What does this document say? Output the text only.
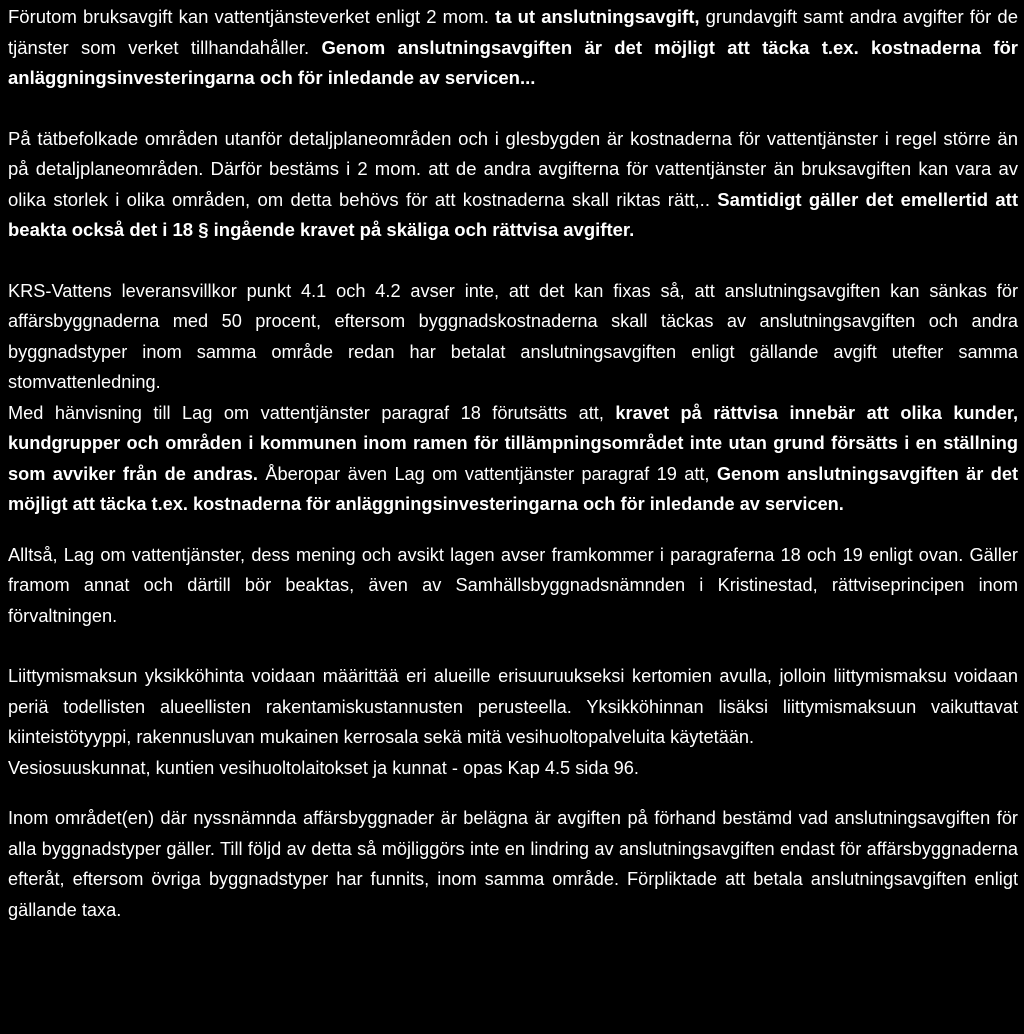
Förutom bruksavgift kan vattentjänsteverket enligt 2 mom. ta ut anslutningsavgift, grundavgift samt andra avgifter för de tjänster som verket tillhandahåller. Genom anslutningsavgiften är det möjligt att täcka t.ex. kostnaderna för anläggningsinvesteringarna och för inledande av servicen...

På tätbefolkade områden utanför detaljplaneområden och i glesbygden är kostnaderna för vattentjänster i regel större än på detaljplaneområden. Därför bestäms i 2 mom. att de andra avgifterna för vattentjänster än bruksavgiften kan vara av olika storlek i olika områden, om detta behövs för att kostnaderna skall riktas rätt,.. Samtidigt gäller det emellertid att beakta också det i 18 § ingående kravet på skäliga och rättvisa avgifter.

KRS-Vattens leveransvillkor punkt 4.1 och 4.2 avser inte, att det kan fixas så, att anslutningsavgiften kan sänkas för affärsbyggnaderna med 50 procent, eftersom byggnadskostnaderna skall täckas av anslutningsavgiften och andra byggnadstyper inom samma område redan har betalat anslutningsavgiften enligt gällande avgift utefter samma stomvattenledning.

Med hänvisning till Lag om vattentjänster paragraf 18 förutsätts att, kravet på rättvisa innebär att olika kunder, kundgrupper och områden i kommunen inom ramen för tillämpningsområdet inte utan grund försätts i en ställning som avviker från de andras. Åberopar även Lag om vattentjänster paragraf 19 att, Genom anslutningsavgiften är det möjligt att täcka t.ex. kostnaderna för anläggningsinvesteringarna och för inledande av servicen.

Alltså, Lag om vattentjänster, dess mening och avsikt lagen avser framkommer i paragraferna 18 och 19 enligt ovan. Gäller framom annat och därtill bör beaktas, även av Samhällsbyggnadsnämnden i Kristinestad, rättviseprincipen inom förvaltningen.

Liittymismaksun yksikköhinta voidaan määrittää eri alueille erisuuruukseksi kertomien avulla, jolloin liittymismaksu voidaan periä todellisten alueellisten rakentamiskustannusten perusteella. Yksikköhinnan lisäksi liittymismaksuun vaikuttavat kiinteistötyyppi, rakennusluvan mukainen kerrosala sekä mitä vesihuoltopalveluita käytetään.

Vesiosuuskunnat, kuntien vesihuoltolaitokset ja kunnat - opas Kap 4.5 sida 96.

Inom området(en) där nyssnämnda affärsbyggnader är belägna är avgiften på förhand bestämd vad anslutningsavgiften för alla byggnadstyper gäller. Till följd av detta så möjliggörs inte en lindring av anslutningsavgiften endast för affärsbyggnaderna efteråt, eftersom övriga byggnadstyper har funnits, inom samma område. Förpliktade att betala anslutningsavgiften enligt gällande taxa.
